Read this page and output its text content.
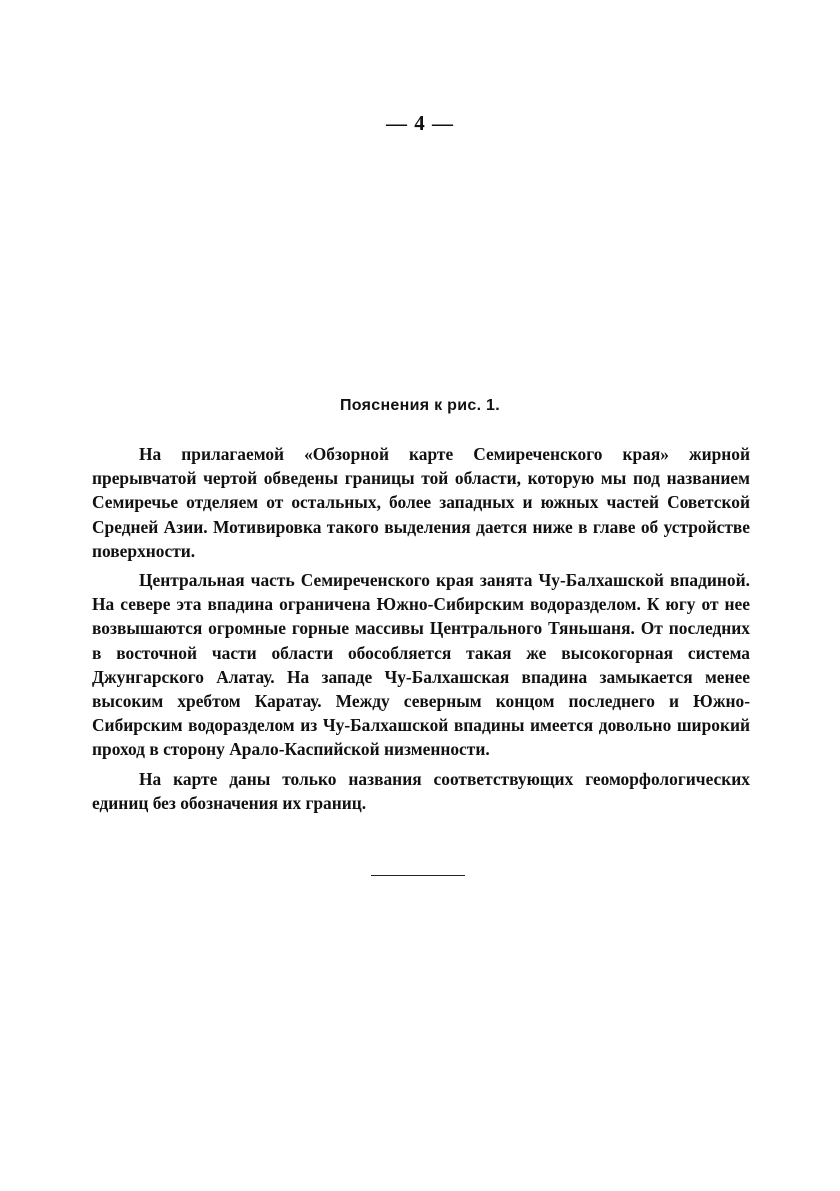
— 4 —
Пояснения к рис. 1.

На прилагаемой «Обзорной карте Семиреченского края» жирной прерывчатой чертой обведены границы той области, которую мы под названием Семиречье отделяем от остальных, более западных и южных частей Советской Средней Азии. Мотивировка такого выделения дается ниже в главе об устройстве поверхности.

Центральная часть Семиреченского края занята Чу-Балхашской впадиной. На севере эта впадина ограничена Южно-Сибирским водоразделом. К югу от нее возвышаются огромные горные массивы Центрального Тяньшаня. От последних в восточной части области обособляется такая же высокогорная система Джунгарского Алатау. На западе Чу-Балхашская впадина замыкается менее высоким хребтом Каратау. Между северным концом последнего и Южно-Сибирским водоразделом из Чу-Балхашской впадины имеется довольно широкий проход в сторону Арало-Каспийской низменности.

На карте даны только названия соответствующих геоморфологических единиц без обозначения их границ.
